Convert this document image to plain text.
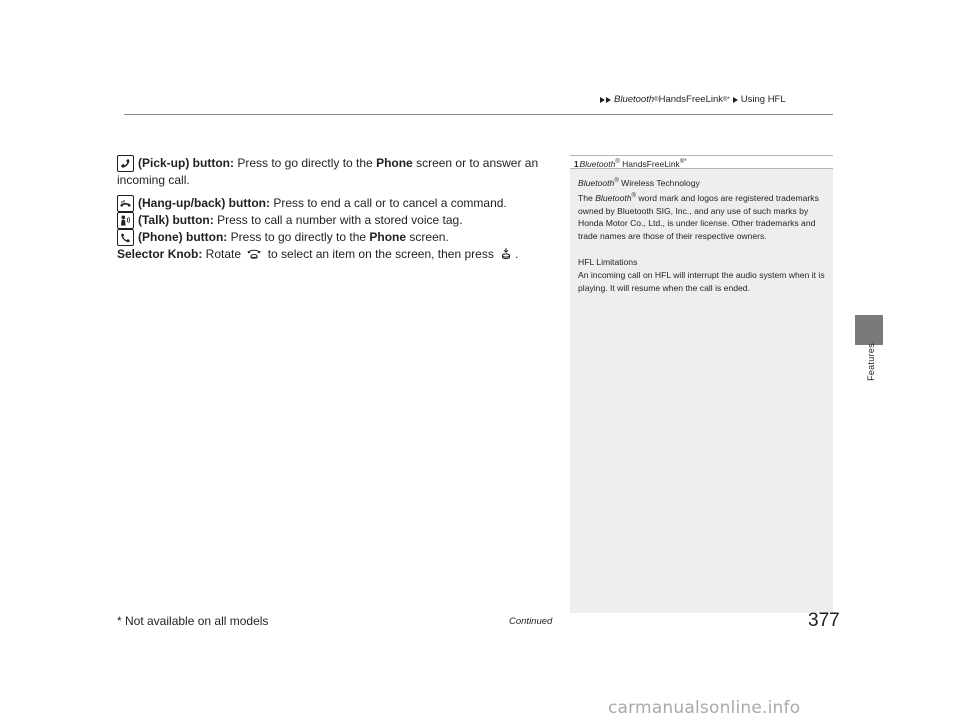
Bluetooth ® HandsFreeLink ® * Using HFL
Features

(Pick-up) button: Press to go directly to the Phone screen or to answer an incoming call.

(Hang-up/back) button: Press to end a call or to cancel a command.

(Talk) button: Press to call a number with a stored voice tag.

(Phone) button: Press to go directly to the Phone screen.

Selector Knob: Rotate  to select an item on the screen, then press .

1Bluetooth® HandsFreeLink®*

Bluetooth® Wireless Technology

The Bluetooth® word mark and logos are registered trademarks owned by Bluetooth SIG, Inc., and any use of such marks by Honda Motor Co., Ltd., is under license. Other trademarks and trade names are those of their respective owners.

HFL Limitations

An incoming call on HFL will interrupt the audio system when it is playing. It will resume when the call is ended.

* Not available on all models	Continued	377
carmanualsonline.info
